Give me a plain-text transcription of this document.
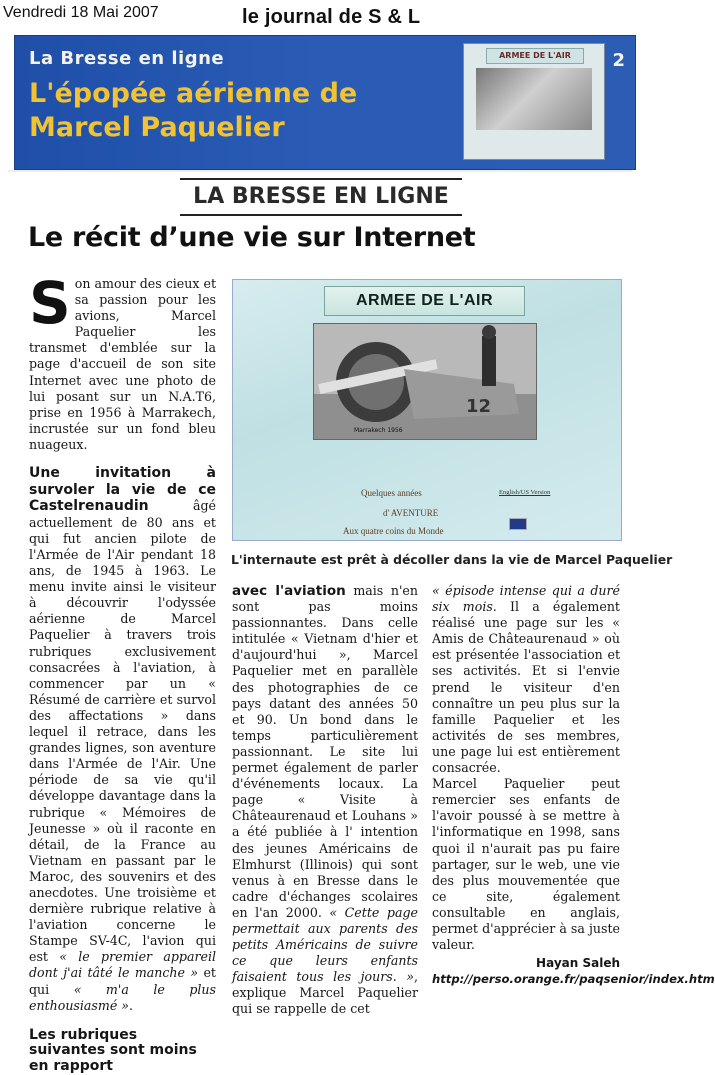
Vendredi 18 Mai 2007	le journal de S & L
La Bresse en ligne
L'épopée aérienne de Marcel Paquelier
ARMEE DE L'AIR	2
LA BRESSE EN LIGNE
Le récit d’une vie sur Internet

Son amour des cieux et sa passion pour les avions, Marcel Paquelier les transmet d'emblée sur la page d'accueil de son site Internet avec une photo de lui posant sur un N.A.T6, prise en 1956 à Marrakech, incrustée sur un fond bleu nuageux.

Une invitation à survoler la vie de ce Castelrenaudin âgé actuellement de 80 ans et qui fut ancien pilote de l'Armée de l'Air pendant 18 ans, de 1945 à 1963. Le menu invite ainsi le visiteur à découvrir l'odyssée aérienne de Marcel Paquelier à travers trois rubriques exclusivement consacrées à l'aviation, à commencer par un « Résumé de carrière et survol des affectations » dans lequel il retrace, dans les grandes lignes, son aventure dans l'Armée de l'Air. Une période de sa vie qu'il développe davantage dans la rubrique « Mémoires de Jeunesse » où il raconte en détail, de la France au Vietnam en passant par le Maroc, des souvenirs et des anecdotes. Une troisième et dernière rubrique relative à l'aviation concerne le Stampe SV-4C, l'avion qui est « le premier appareil dont j'ai tâté le manche » et qui « m'a le plus enthousiasmé ».

Les rubriques suivantes sont moins en rapport

ARMEE DE L'AIR
12
Marrakech 1956
Quelques années
d' AVENTURE
Aux quatre coins du Monde
English/US Version
L'internaute est prêt à décoller dans la vie de Marcel Paquelier

avec l'aviation mais n'en sont pas moins passionnantes. Dans celle intitulée « Vietnam d'hier et d'aujourd'hui », Marcel Paquelier met en parallèle des photographies de ce pays datant des années 50 et 90. Un bond dans le temps particulièrement passionnant. Le site lui permet également de parler d'événements locaux. La page « Visite à Châteaurenaud et Louhans » a été publiée à l' intention des jeunes Américains de Elmhurst (Illinois) qui sont venus à en Bresse dans le cadre d'échanges scolaires en l'an 2000. « Cette page permettait aux parents des petits Américains de suivre ce que leurs enfants faisaient tous les jours. », explique Marcel Paquelier qui se rappelle de cet

« épisode intense qui a duré six mois. Il a également réalisé une page sur les « Amis de Châteaurenaud » où est présentée l'association et ses activités. Et si l'envie prend le visiteur d'en connaître un peu plus sur la famille Paquelier et les activités de ses membres, une page lui est entièrement consacrée.

Marcel Paquelier peut remercier ses enfants de l'avoir poussé à se mettre à l'informatique en 1998, sans quoi il n'aurait pas pu faire partager, sur le web, une vie des plus mouvementée que ce site, également consultable en anglais, permet d'apprécier à sa juste valeur.

Hayan Saleh
http://perso.orange.fr/paqsenior/index.htm
